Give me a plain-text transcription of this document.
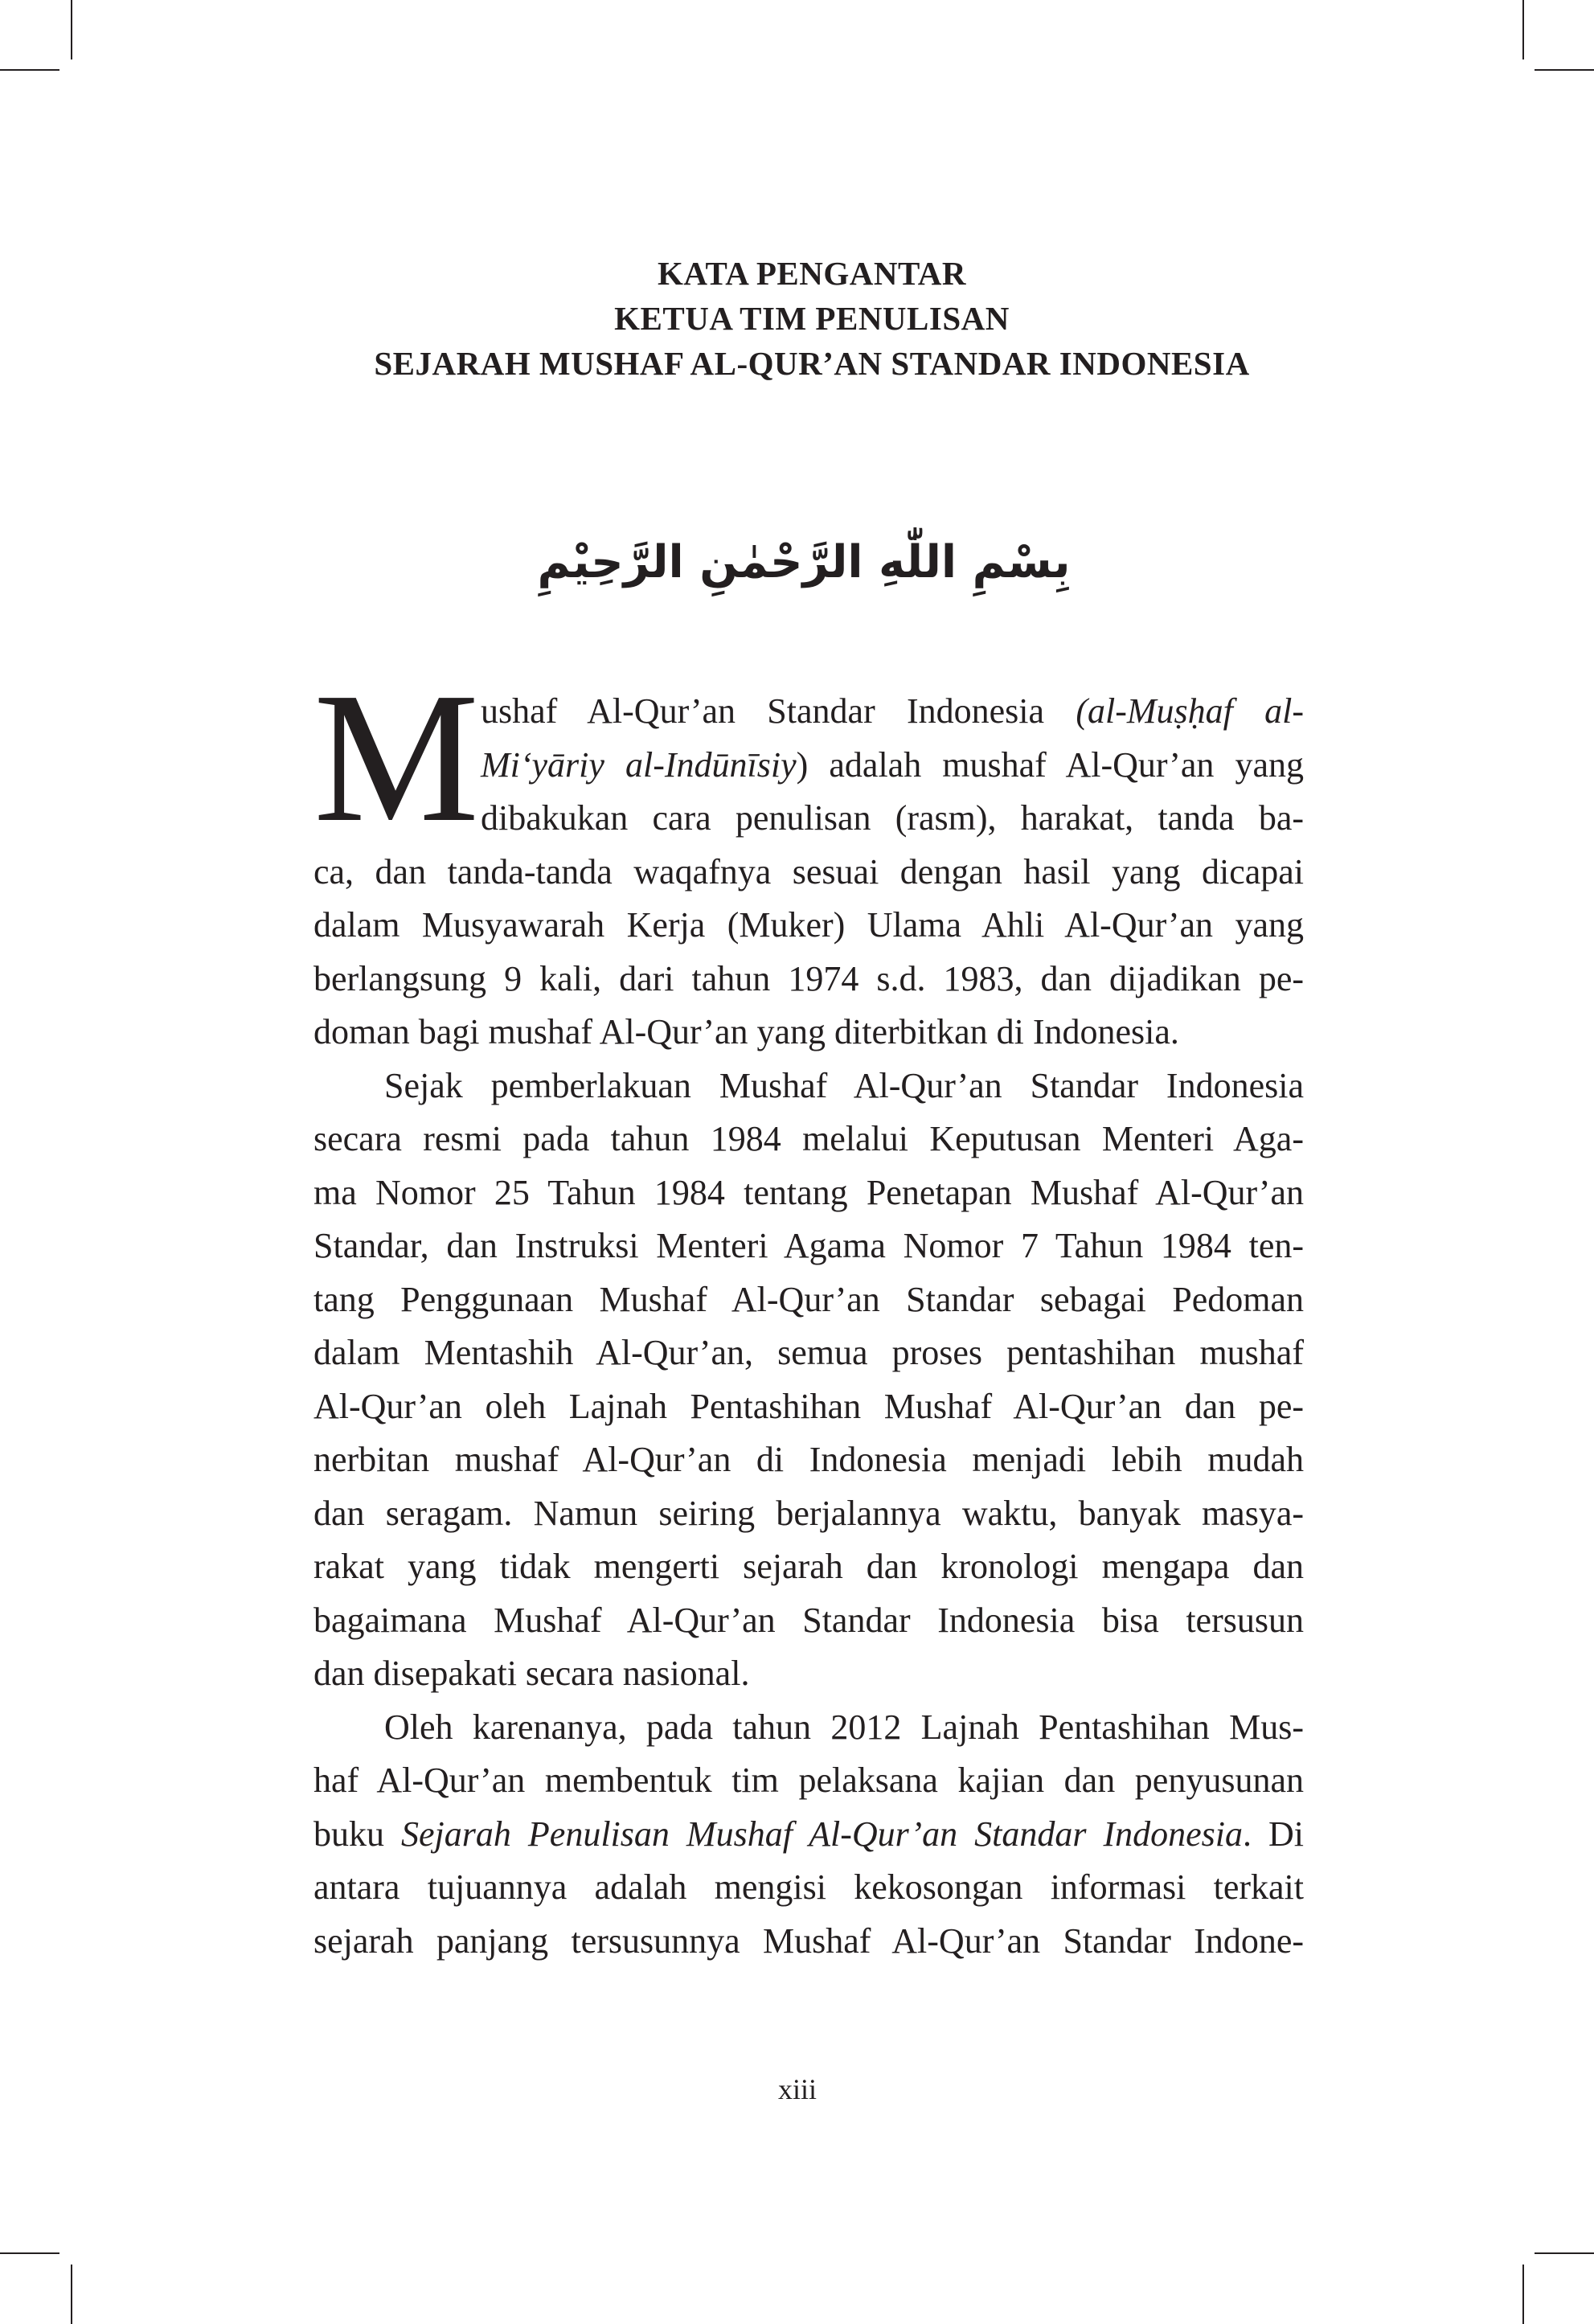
KATA PENGANTAR
KETUA TIM PENULISAN
SEJARAH MUSHAF AL-QUR’AN STANDAR INDONESIA
بِسْمِ اللّٰهِ الرَّحْمٰنِ الرَّحِيْمِ
M ushaf Al-Qur’an Standar Indonesia (al-Muṣḥaf al-
Mi‘yāriy al-Indūnīsiy) adalah mushaf Al-Qur’an yang
dibakukan cara penulisan (rasm), harakat, tanda ba-
ca, dan tanda-tanda waqafnya sesuai dengan hasil yang dicapai
dalam Musyawarah Kerja (Muker) Ulama Ahli Al-Qur’an yang
berlangsung 9 kali, dari tahun 1974 s.d. 1983, dan dijadikan pe-
doman bagi mushaf Al-Qur’an yang diterbitkan di Indonesia.
Sejak pemberlakuan Mushaf Al-Qur’an Standar Indonesia
secara resmi pada tahun 1984 melalui Keputusan Menteri Aga-
ma Nomor 25 Tahun 1984 tentang Penetapan Mushaf Al-Qur’an
Standar, dan Instruksi Menteri Agama Nomor 7 Tahun 1984 ten-
tang Penggunaan Mushaf Al-Qur’an Standar sebagai Pedoman
dalam Mentashih Al-Qur’an, semua proses pentashihan mushaf
Al-Qur’an oleh Lajnah Pentashihan Mushaf Al-Qur’an dan pe-
nerbitan mushaf Al-Qur’an di Indonesia menjadi lebih mudah
dan seragam. Namun seiring berjalannya waktu, banyak masya-
rakat yang tidak mengerti sejarah dan kronologi mengapa dan
bagaimana Mushaf Al-Qur’an Standar Indonesia bisa tersusun
dan disepakati secara nasional.
Oleh karenanya, pada tahun 2012 Lajnah Pentashihan Mus-
haf Al-Qur’an membentuk tim pelaksana kajian dan penyusunan
buku Sejarah Penulisan Mushaf Al-Qur’an Standar Indonesia. Di
antara tujuannya adalah mengisi kekosongan informasi terkait
sejarah panjang tersusunnya Mushaf Al-Qur’an Standar Indone-
xiii
